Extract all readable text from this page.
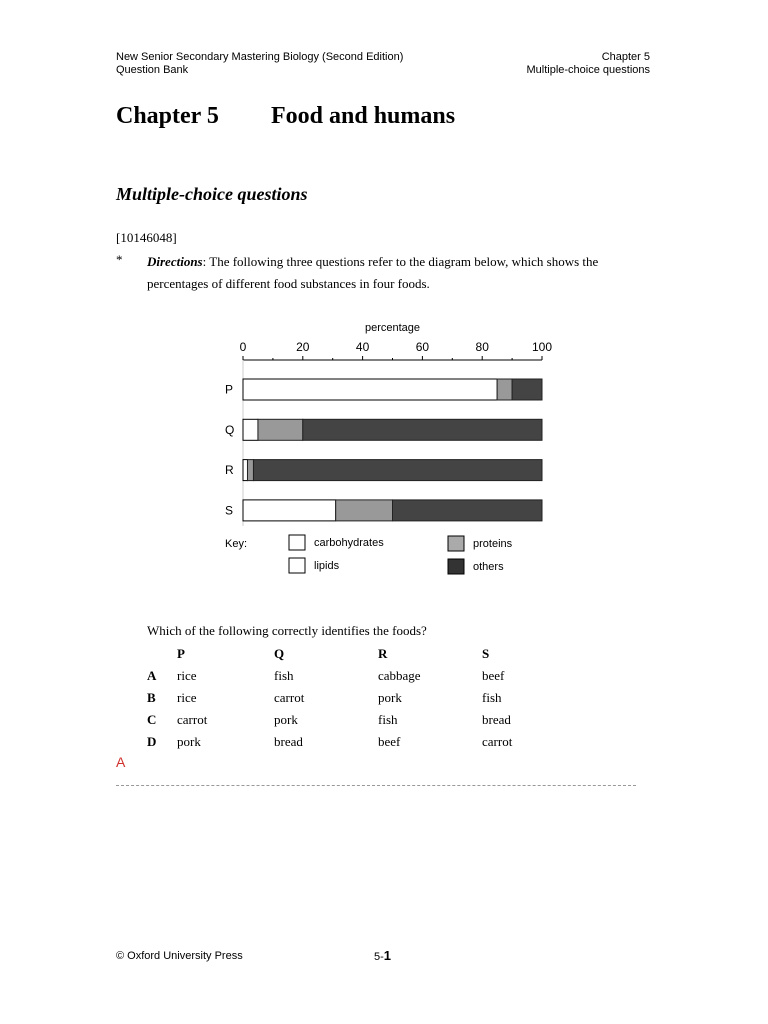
New Senior Secondary Mastering Biology (Second Edition)
Question Bank
Chapter 5
Multiple-choice questions
Chapter 5 Food and humans
Multiple-choice questions
[10146048]
* Directions: The following three questions refer to the diagram below, which shows the percentages of different food substances in four foods.
percentage
0	20	40	60	80	100
P
Q
R
S
Key:	carbohydrates	proteins
lipids	others
Which of the following correctly identifies the foods?
	P	Q	R	S
A	rice	fish	cabbage	beef
B	rice	carrot	pork	fish
C	carrot	pork	fish	bread
D	pork	bread	beef	carrot
A
© Oxford University Press	5-1
